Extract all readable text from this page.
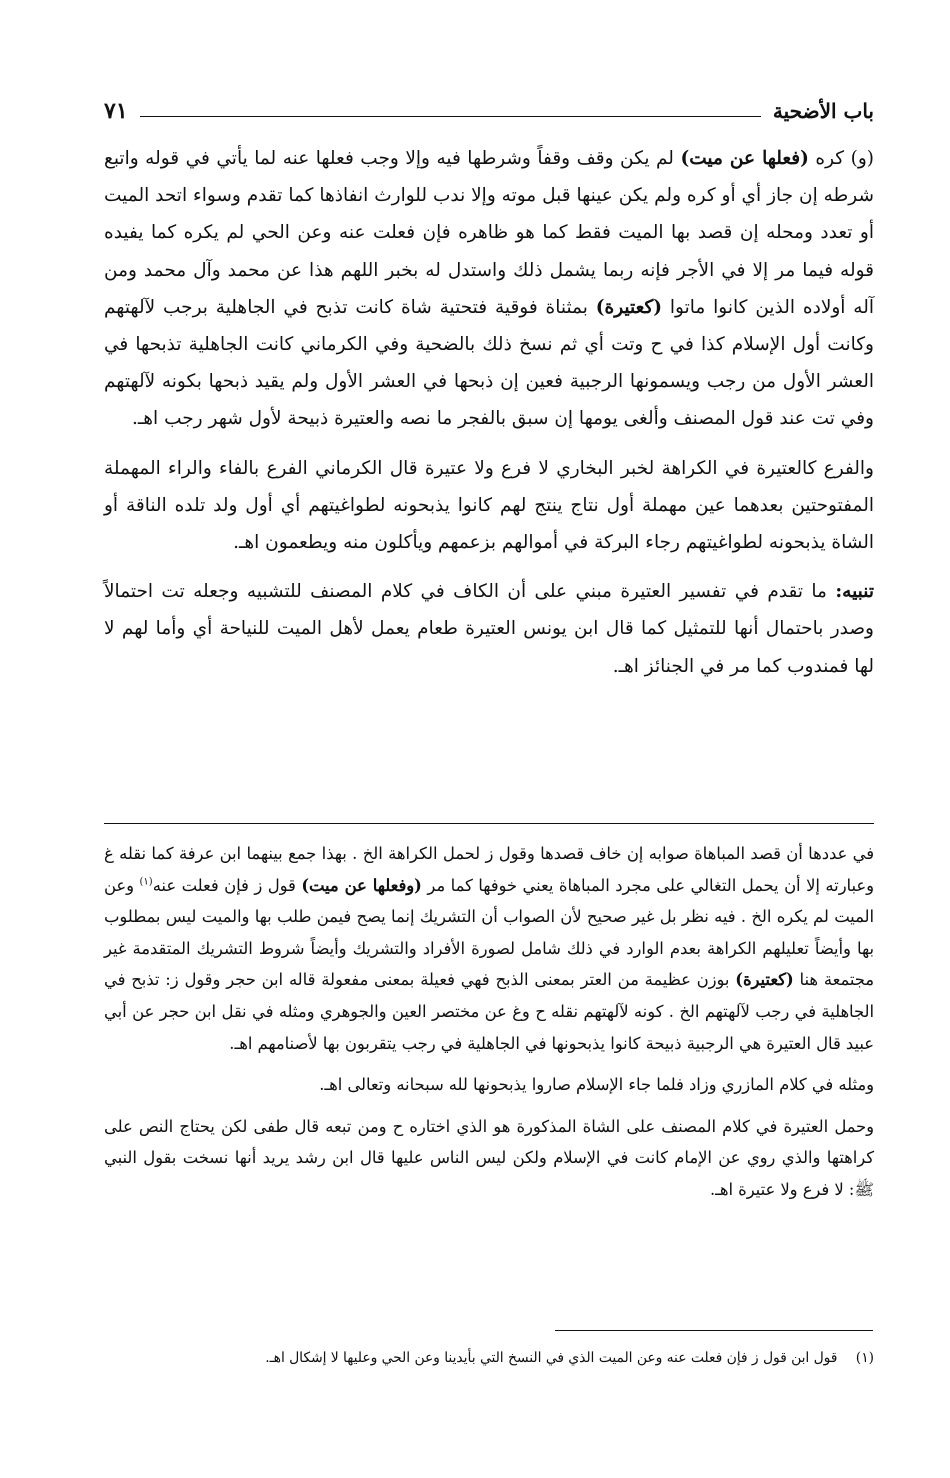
باب الأضحية
٧١

(و) كره (فعلها عن ميت) لم يكن وقف وقفاً وشرطها فيه وإلا وجب فعلها عنه لما يأتي في قوله واتبع شرطه إن جاز أي أو كره ولم يكن عينها قبل موته وإلا ندب للوارث انفاذها كما تقدم وسواء اتحد الميت أو تعدد ومحله إن قصد بها الميت فقط كما هو ظاهره فإن فعلت عنه وعن الحي لم يكره كما يفيده قوله فيما مر إلا في الأجر فإنه ربما يشمل ذلك واستدل له بخبر اللهم هذا عن محمد وآل محمد ومن آله أولاده الذين كانوا ماتوا (كعتيرة) بمثناة فوقية فتحتية شاة كانت تذبح في الجاهلية برجب لآلهتهم وكانت أول الإسلام كذا في ح وتت أي ثم نسخ ذلك بالضحية وفي الكرماني كانت الجاهلية تذبحها في العشر الأول من رجب ويسمونها الرجبية فعين إن ذبحها في العشر الأول ولم يقيد ذبحها بكونه لآلهتهم وفي تت عند قول المصنف وألغى يومها إن سبق بالفجر ما نصه والعتيرة ذبيحة لأول شهر رجب اهـ.

والفرع كالعتيرة في الكراهة لخبر البخاري لا فرع ولا عتيرة قال الكرماني الفرع بالفاء والراء المهملة المفتوحتين بعدهما عين مهملة أول نتاج ينتج لهم كانوا يذبحونه لطواغيتهم أي أول ولد تلده الناقة أو الشاة يذبحونه لطواغيتهم رجاء البركة في أموالهم بزعمهم ويأكلون منه ويطعمون اهـ.

تنبيه: ما تقدم في تفسير العتيرة مبني على أن الكاف في كلام المصنف للتشبيه وجعله تت احتمالاً وصدر باحتمال أنها للتمثيل كما قال ابن يونس العتيرة طعام يعمل لأهل الميت للنياحة أي وأما لهم لا لها فمندوب كما مر في الجنائز اهـ.

في عددها أن قصد المباهاة صوابه إن خاف قصدها وقول ز لحمل الكراهة الخ . بهذا جمع بينهما ابن عرفة كما نقله غ وعبارته إلا أن يحمل التغالي على مجرد المباهاة يعني خوفها كما مر (وفعلها عن ميت) قول ز فإن فعلت عنه$^{(١)}$ وعن الميت لم يكره الخ . فيه نظر بل غير صحيح لأن الصواب أن التشريك إنما يصح فيمن طلب بها والميت ليس بمطلوب بها وأيضاً تعليلهم الكراهة بعدم الوارد في ذلك شامل لصورة الأفراد والتشريك وأيضاً شروط التشريك المتقدمة غير مجتمعة هنا (كعتيرة) بوزن عظيمة من العتر بمعنى الذبح فهي فعيلة بمعنى مفعولة قاله ابن حجر وقول ز: تذبح في الجاهلية في رجب لآلهتهم الخ . كونه لآلهتهم نقله ح وغ عن مختصر العين والجوهري ومثله في نقل ابن حجر عن أبي عبيد قال العتيرة هي الرجبية ذبيحة كانوا يذبحونها في الجاهلية في رجب يتقربون بها لأصنامهم اهـ.

ومثله في كلام المازري وزاد فلما جاء الإسلام صاروا يذبحونها لله سبحانه وتعالى اهـ.

وحمل العتيرة في كلام المصنف على الشاة المذكورة هو الذي اختاره ح ومن تبعه قال طفى لكن يحتاج النص على كراهتها والذي روي عن الإمام كانت في الإسلام ولكن ليس الناس عليها قال ابن رشد يريد أنها نسخت بقول النبي ﷺ: لا فرع ولا عتيرة اهـ.

(١) قول ابن قول ز فإن فعلت عنه وعن الميت الذي في النسخ التي بأيدينا وعن الحي وعليها لا إشكال اهـ.
